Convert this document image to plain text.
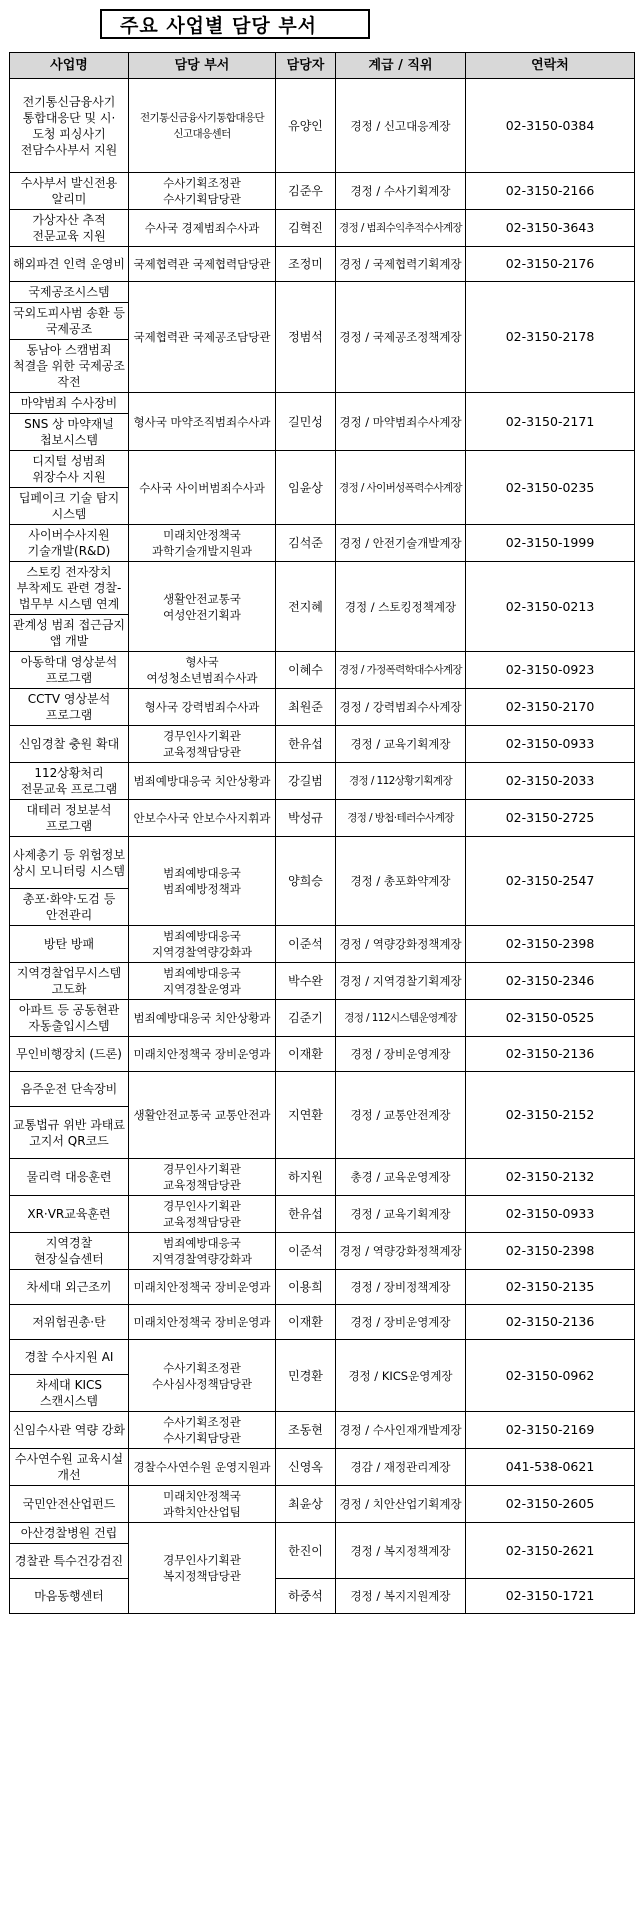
주요 사업별 담당 부서
사업명	담당 부서	담당자	계급 / 직위	연락처
전기통신금융사기 통합대응단 및 시·도청 피싱사기 전담수사부서 지원	전기통신금융사기통합대응단 신고대응센터	유양인	경정 / 신고대응계장	02-3150-0384
수사부서 발신전용 알리미	수사기획조정관 수사기획담당관	김준우	경정 / 수사기획계장	02-3150-2166
가상자산 추적 전문교육 지원	수사국 경제범죄수사과	김혁진	경정 / 범죄수익추적수사계장	02-3150-3643
해외파견 인력 운영비	국제협력관 국제협력담당관	조정미	경정 / 국제협력기획계장	02-3150-2176
국제공조시스템	국제협력관 국제공조담당관	정범석	경정 / 국제공조정책계장	02-3150-2178
국외도피사범 송환 등 국제공조				
동남아 스캠범죄 척결을 위한 국제공조 작전				
마약범죄 수사장비	형사국 마약조직범죄수사과	길민성	경정 / 마약범죄수사계장	02-3150-2171
SNS 상 마약재널 첩보시스템				
디지털 성범죄 위장수사 지원	수사국 사이버범죄수사과	임윤상	경정 / 사이버성폭력수사계장	02-3150-0235
딥페이크 기술 탐지 시스템				
사이버수사지원 기술개발(R&D)	미래치안정책국 과학기술개발지원과	김석준	경정 / 안전기술개발계장	02-3150-1999
스토킹 전자장치 부착제도 관련 경찰-법무부 시스템 연계	생활안전교통국 여성안전기획과	전지혜	경정 / 스토킹정책계장	02-3150-0213
관계성 범죄 접근금지 앱 개발				
아동학대 영상분석 프로그램	형사국 여성청소년범죄수사과	이혜수	경정 / 가정폭력학대수사계장	02-3150-0923
CCTV 영상분석 프로그램	형사국 강력범죄수사과	최원준	경정 / 강력범죄수사계장	02-3150-2170
신임경찰 충원 확대	경무인사기획관 교육정책담당관	한유섭	경정 / 교육기획계장	02-3150-0933
112상황처리 전문교육 프로그램	범죄예방대응국 치안상황과	강길범	경정 / 112상황기획계장	02-3150-2033
대테러 정보분석 프로그램	안보수사국 안보수사지휘과	박성규	경정 / 방첩·테러수사계장	02-3150-2725
사제총기 등 위험정보 상시 모니터링 시스템	범죄예방대응국 범죄예방정책과	양희승	경정 / 총포화약계장	02-3150-2547
총포·화약·도검 등 안전관리				
방탄 방패	범죄예방대응국 지역경찰역량강화과	이준석	경정 / 역량강화정책계장	02-3150-2398
지역경찰업무시스템 고도화	범죄예방대응국 지역경찰운영과	박수완	경정 / 지역경찰기획계장	02-3150-2346
아파트 등 공동현관 자동출입시스템	범죄예방대응국 치안상황과	김준기	경정 / 112시스템운영계장	02-3150-0525
무인비행장치 (드론)	미래치안정책국 장비운영과	이재환	경정 / 장비운영계장	02-3150-2136
음주운전 단속장비	생활안전교통국 교통안전과	지연환	경정 / 교통안전계장	02-3150-2152
교통법규 위반 과태료 고지서 QR코드				
물리력 대응훈련	경무인사기획관 교육정책담당관	하지원	총경 / 교육운영계장	02-3150-2132
XR·VR교육훈련	경무인사기획관 교육정책담당관	한유섭	경정 / 교육기획계장	02-3150-0933
지역경찰 현장실습센터	범죄예방대응국 지역경찰역량강화과	이준석	경정 / 역량강화정책계장	02-3150-2398
차세대 외근조끼	미래치안정책국 장비운영과	이용희	경정 / 장비정책계장	02-3150-2135
저위험권총·탄	미래치안정책국 장비운영과	이재환	경정 / 장비운영계장	02-3150-2136
경찰 수사지원 AI	수사기획조정관 수사심사정책담당관	민경환	경정 / KICS운영계장	02-3150-0962
차세대 KICS 스캔시스템				
신임수사관 역량 강화	수사기획조정관 수사기획담당관	조동현	경정 / 수사인재개발계장	02-3150-2169
수사연수원 교육시설 개선	경찰수사연수원 운영지원과	신영옥	경감 / 재정관리계장	041-538-0621
국민안전산업펀드	미래치안정책국 과학치안산업팀	최윤상	경정 / 치안산업기획계장	02-3150-2605
아산경찰병원 건립	경무인사기획관 복지정책담당관	한진이	경정 / 복지정책계장	02-3150-2621
경찰관 특수건강검진				
마음동행센터		하중석	경정 / 복지지원계장	02-3150-1721
